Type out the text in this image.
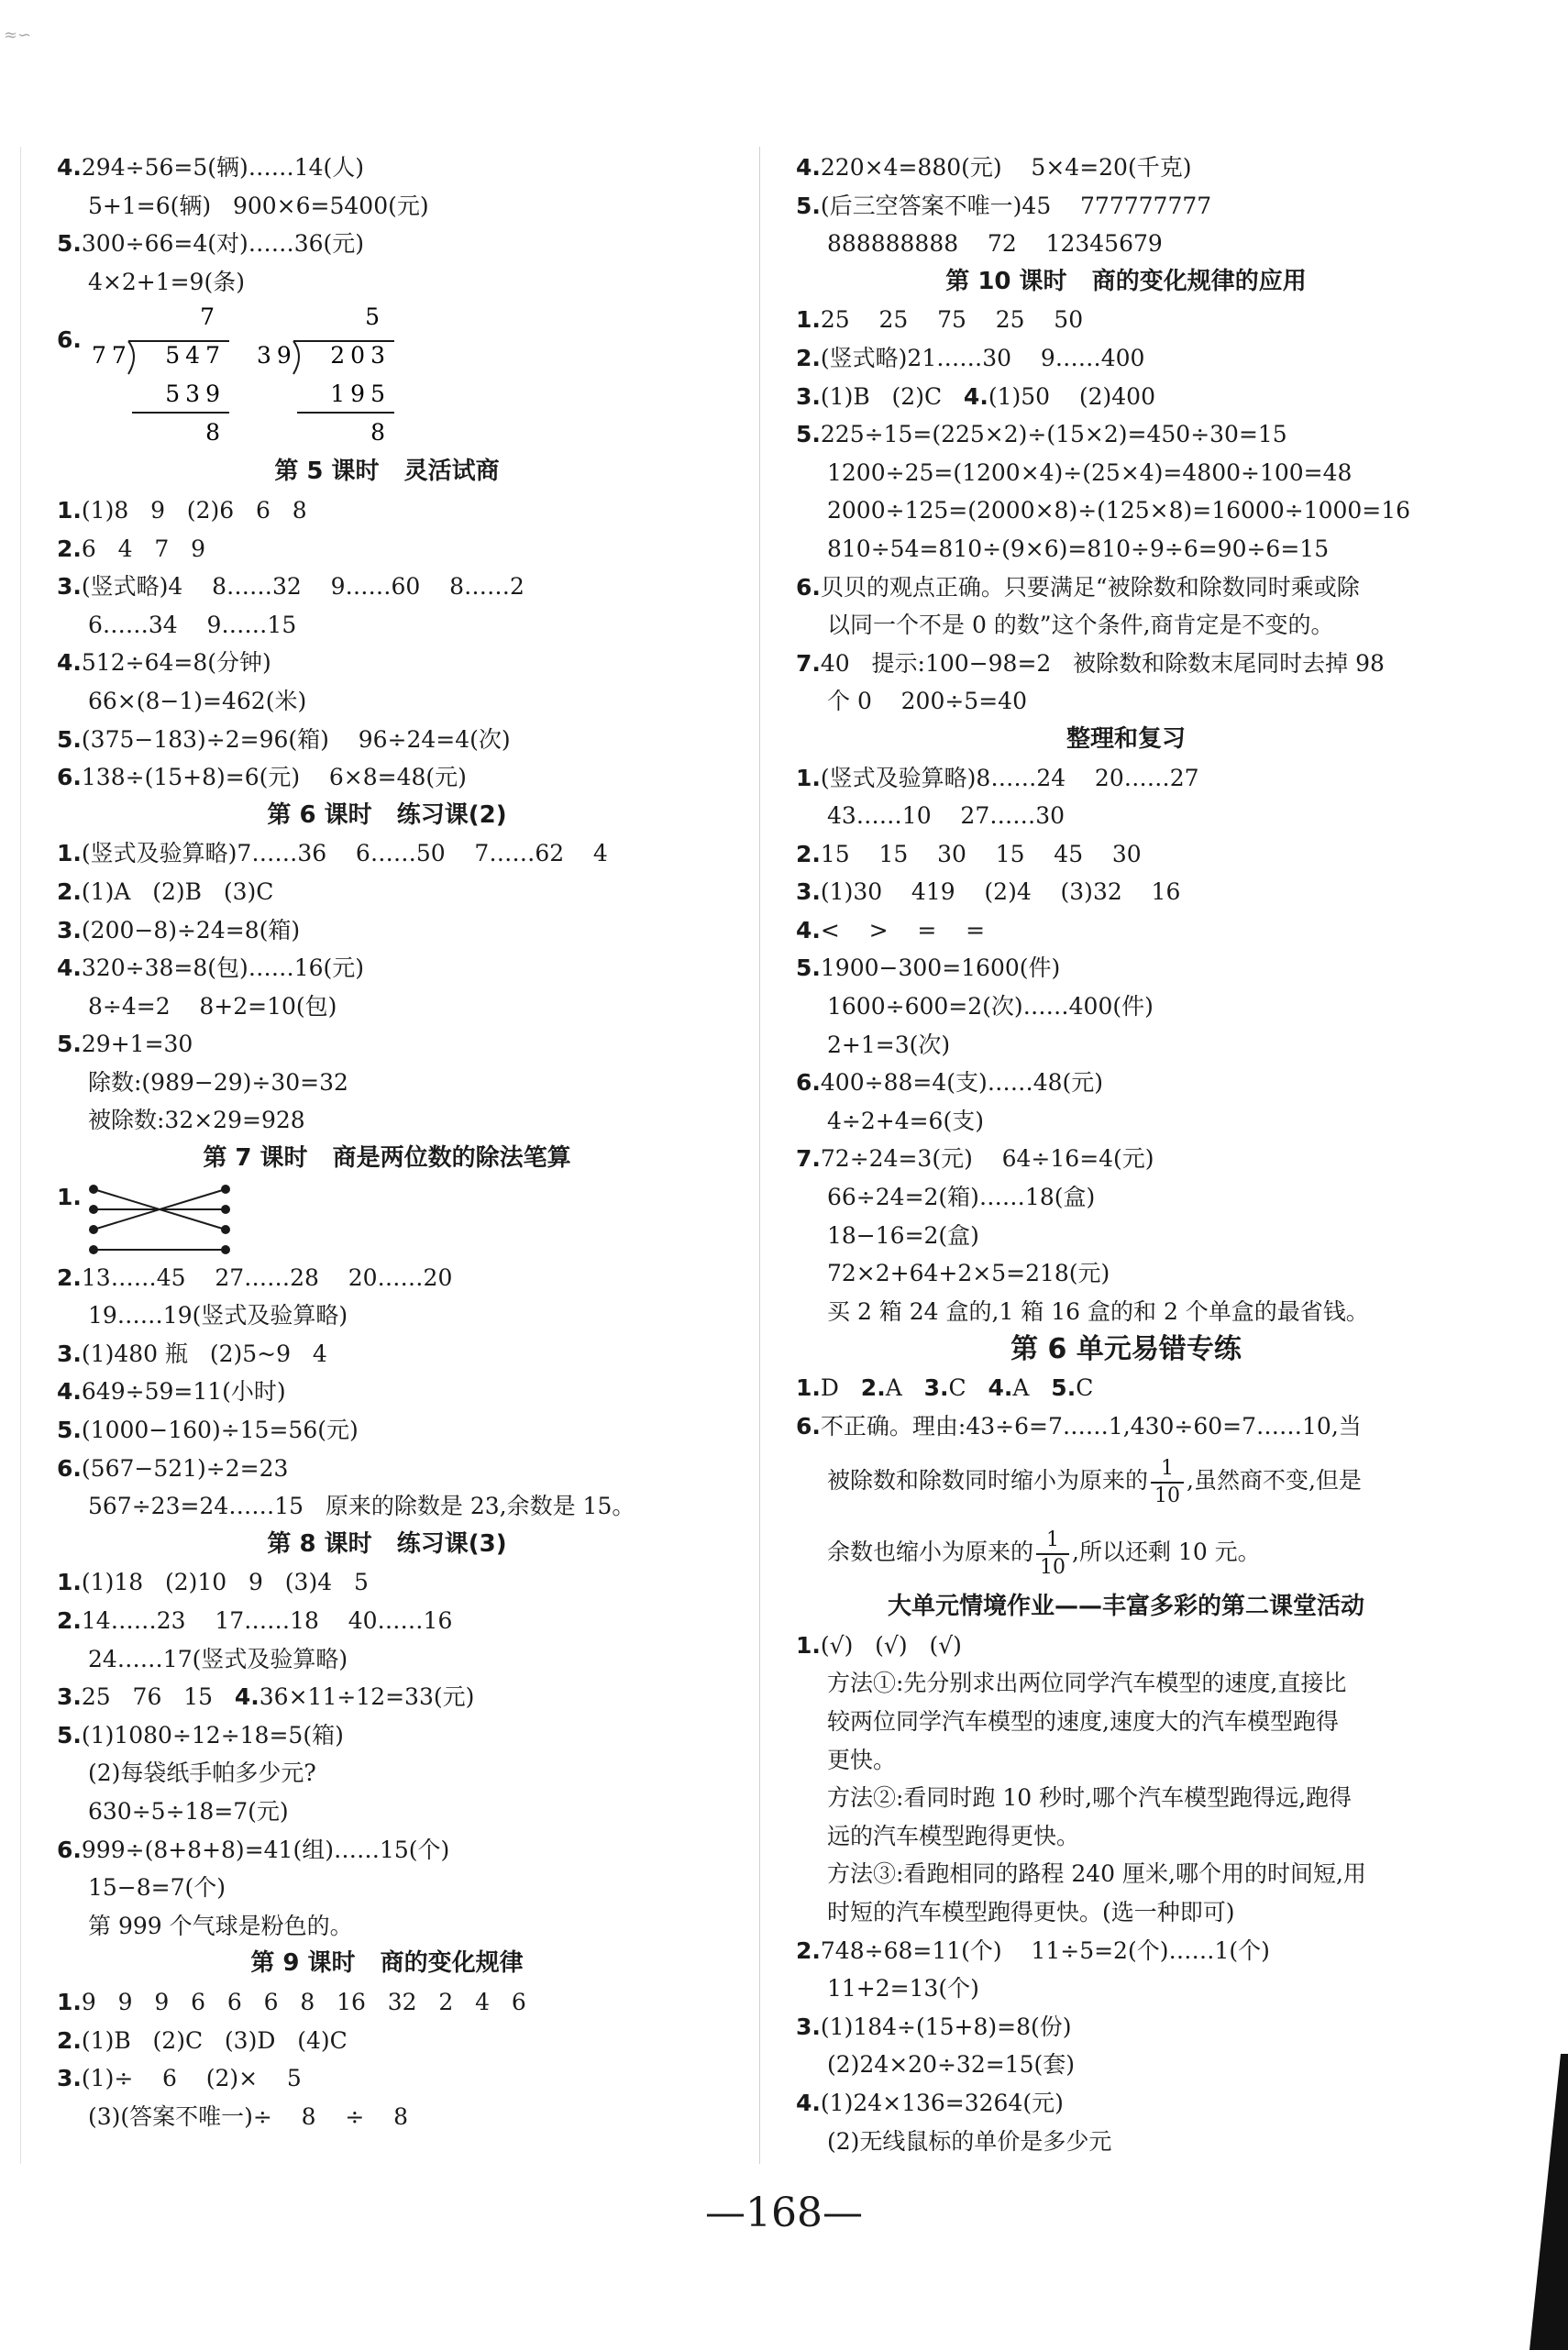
≈∽
4.294÷56=5(辆)……14(人)
5+1=6(辆)   900×6=5400(元)
5.300÷66=4(对)……36(元)
4×2+1=9(条)
6.
7
77 547
539
8
5
39 203
195
8
第 5 课时   灵活试商
1.(1)8   9   (2)6   6   8
2.6   4   7   9
3.(竖式略)4    8……32    9……60    8……2
6……34    9……15
4.512÷64=8(分钟)
66×(8−1)=462(米)
5.(375−183)÷2=96(箱)    96÷24=4(次)
6.138÷(15+8)=6(元)    6×8=48(元)
第 6 课时   练习课(2)
1.(竖式及验算略)7……36    6……50    7……62    4
2.(1)A   (2)B   (3)C
3.(200−8)÷24=8(箱)
4.320÷38=8(包)……16(元)
8÷4=2    8+2=10(包)
5.29+1=30
除数:(989−29)÷30=32
被除数:32×29=928
第 7 课时   商是两位数的除法笔算
1.
2.13……45    27……28    20……20
19……19(竖式及验算略)
3.(1)480 瓶   (2)5~9   4
4.649÷59=11(小时)
5.(1000−160)÷15=56(元)
6.(567−521)÷2=23
567÷23=24……15   原来的除数是 23,余数是 15。
第 8 课时   练习课(3)
1.(1)18   (2)10   9   (3)4   5
2.14……23    17……18    40……16
24……17(竖式及验算略)
3.25   76   15   4.36×11÷12=33(元)
5.(1)1080÷12÷18=5(箱)
(2)每袋纸手帕多少元?
630÷5÷18=7(元)
6.999÷(8+8+8)=41(组)……15(个)
15−8=7(个)
第 999 个气球是粉色的。
第 9 课时   商的变化规律
1.9   9   9   6   6   6   8   16   32   2   4   6
2.(1)B   (2)C   (3)D   (4)C
3.(1)÷    6    (2)×    5
(3)(答案不唯一)÷    8    ÷    8
4.220×4=880(元)    5×4=20(千克)
5.(后三空答案不唯一)45    777777777
888888888    72    12345679
第 10 课时   商的变化规律的应用
1.25    25    75    25    50
2.(竖式略)21……30    9……400
3.(1)B   (2)C   4.(1)50    (2)400
5.225÷15=(225×2)÷(15×2)=450÷30=15
1200÷25=(1200×4)÷(25×4)=4800÷100=48
2000÷125=(2000×8)÷(125×8)=16000÷1000=16
810÷54=810÷(9×6)=810÷9÷6=90÷6=15
6.贝贝的观点正确。只要满足“被除数和除数同时乘或除
以同一个不是 0 的数”这个条件,商肯定是不变的。
7.40   提示:100−98=2   被除数和除数末尾同时去掉 98
个 0    200÷5=40
整理和复习
1.(竖式及验算略)8……24    20……27
43……10    27……30
2.15    15    30    15    45    30
3.(1)30    419    (2)4    (3)32    16
4.<    >    =    =
5.1900−300=1600(件)
1600÷600=2(次)……400(件)
2+1=3(次)
6.400÷88=4(支)……48(元)
4÷2+4=6(支)
7.72÷24=3(元)    64÷16=4(元)
66÷24=2(箱)……18(盒)
18−16=2(盒)
72×2+64+2×5=218(元)
买 2 箱 24 盒的,1 箱 16 盒的和 2 个单盒的最省钱。
第 6 单元易错专练
1.D   2.A   3.C   4.A   5.C
6.不正确。理由:43÷6=7……1,430÷60=7……10,当
被除数和除数同时缩小为原来的 $\frac{1}{10}$ ,虽然商不变,但是
余数也缩小为原来的 $\frac{1}{10}$ ,所以还剩 10 元。
大单元情境作业——丰富多彩的第二课堂活动
1.(√)   (√)   (√)
方法①:先分别求出两位同学汽车模型的速度,直接比
较两位同学汽车模型的速度,速度大的汽车模型跑得
更快。
方法②:看同时跑 10 秒时,哪个汽车模型跑得远,跑得
远的汽车模型跑得更快。
方法③:看跑相同的路程 240 厘米,哪个用的时间短,用
时短的汽车模型跑得更快。(选一种即可)
2.748÷68=11(个)    11÷5=2(个)……1(个)
11+2=13(个)
3.(1)184÷(15+8)=8(份)
(2)24×20÷32=15(套)
4.(1)24×136=3264(元)
(2)无线鼠标的单价是多少元
—168—
